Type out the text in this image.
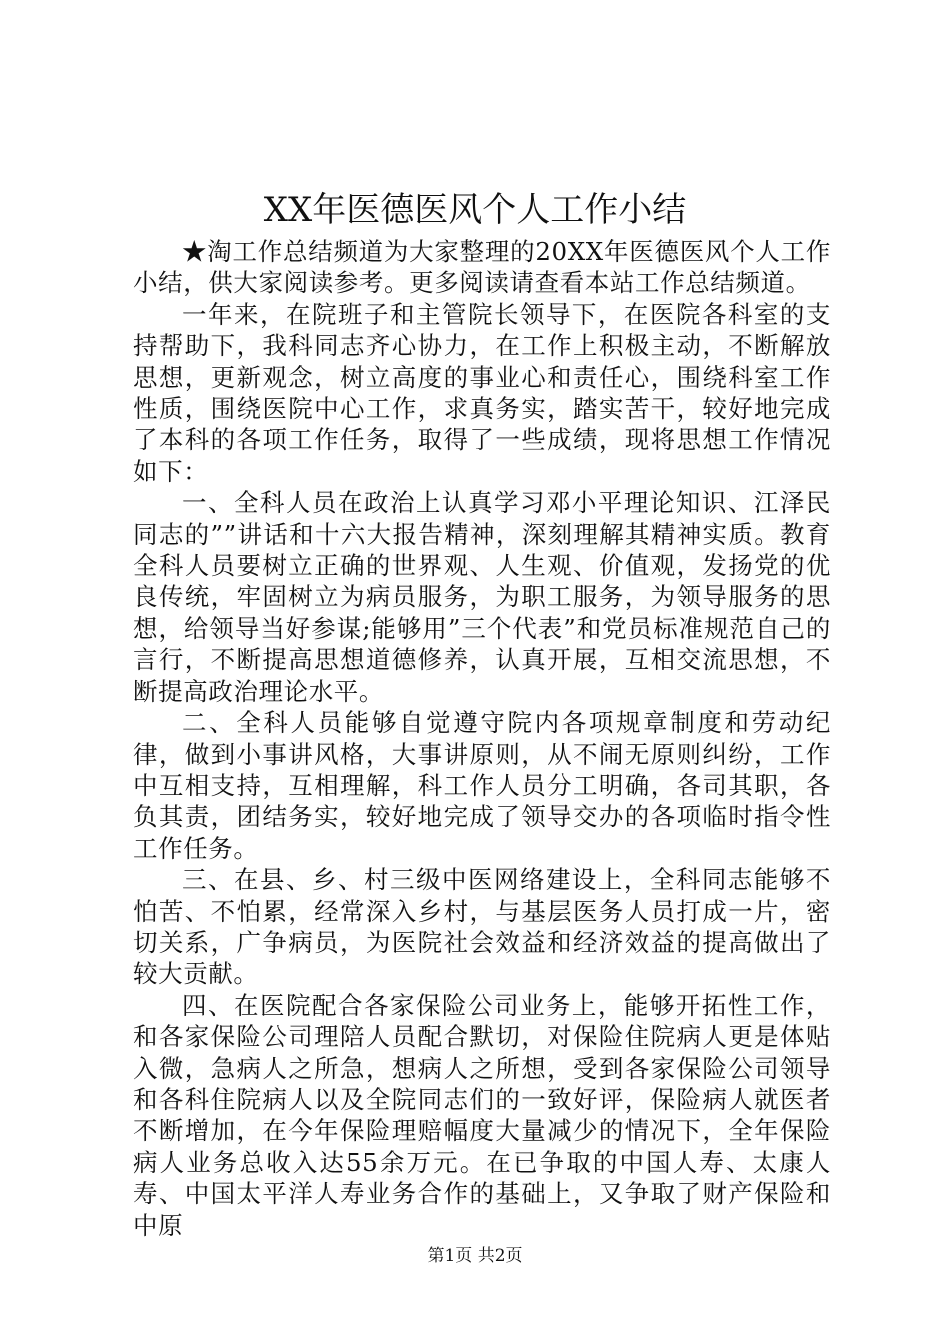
XX年医德医风个人工作小结

★淘工作总结频道为大家整理的20XX年医德医风个人工作小结，供大家阅读参考。更多阅读请查看本站工作总结频道。

一年来，在院班子和主管院长领导下，在医院各科室的支持帮助下，我科同志齐心协力，在工作上积极主动，不断解放思想，更新观念，树立高度的事业心和责任心，围绕科室工作性质，围绕医院中心工作，求真务实，踏实苦干，较好地完成了本科的各项工作任务，取得了一些成绩，现将思想工作情况如下：

一、全科人员在政治上认真学习邓小平理论知识、江泽民同志的””讲话和十六大报告精神，深刻理解其精神实质。教育全科人员要树立正确的世界观、人生观、价值观，发扬党的优良传统，牢固树立为病员服务，为职工服务，为领导服务的思想，给领导当好参谋;能够用”三个代表”和党员标准规范自己的言行，不断提高思想道德修养，认真开展，互相交流思想，不断提高政治理论水平。

二、全科人员能够自觉遵守院内各项规章制度和劳动纪律，做到小事讲风格，大事讲原则，从不闹无原则纠纷，工作中互相支持，互相理解，科工作人员分工明确，各司其职，各负其责，团结务实，较好地完成了领导交办的各项临时指令性工作任务。

三、在县、乡、村三级中医网络建设上，全科同志能够不怕苦、不怕累，经常深入乡村，与基层医务人员打成一片，密切关系，广争病员，为医院社会效益和经济效益的提高做出了较大贡献。

四、在医院配合各家保险公司业务上，能够开拓性工作，和各家保险公司理陪人员配合默切，对保险住院病人更是体贴入微，急病人之所急，想病人之所想，受到各家保险公司领导和各科住院病人以及全院同志们的一致好评，保险病人就医者不断增加，在今年保险理赔幅度大量减少的情况下，全年保险病人业务总收入达55余万元。在已争取的中国人寿、太康人寿、中国太平洋人寿业务合作的基础上，又争取了财产保险和中原

第1页 共2页
